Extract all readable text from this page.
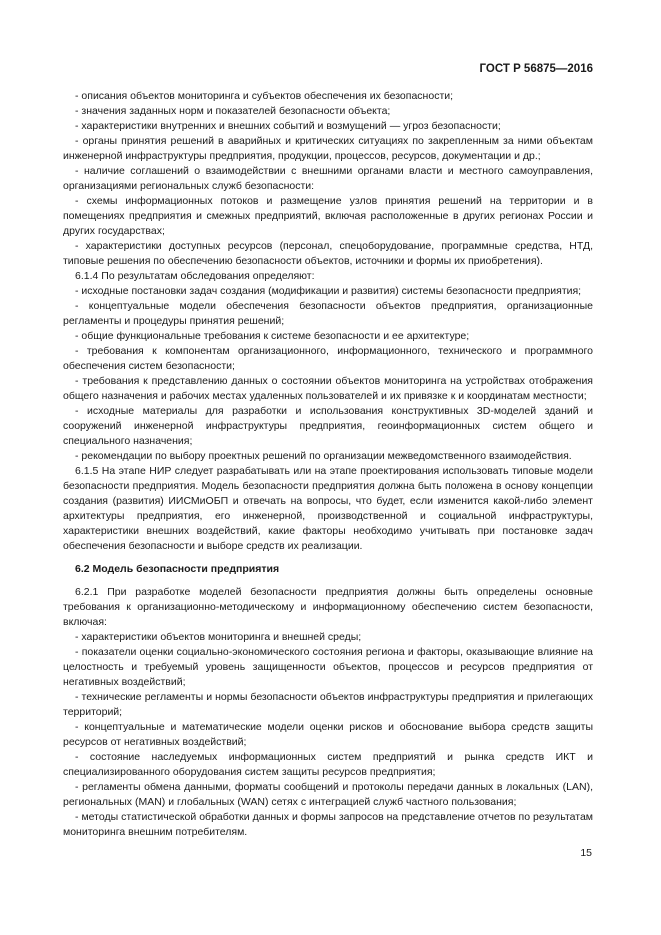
ГОСТ Р 56875—2016

- описания объектов мониторинга и субъектов обеспечения их безопасности;

- значения заданных норм и показателей безопасности объекта;

- характеристики внутренних и внешних событий и возмущений — угроз безопасности;

- органы принятия решений в аварийных и критических ситуациях по закрепленным за ними объектам инженерной инфраструктуры предприятия, продукции, процессов, ресурсов, документации и др.;

- наличие соглашений о взаимодействии с внешними органами власти и местного самоуправления, организациями региональных служб безопасности:

- схемы информационных потоков и размещение узлов принятия решений на территории и в помещениях предприятия и смежных предприятий, включая расположенные в других регионах России и других государствах;

- характеристики доступных ресурсов (персонал, спецоборудование, программные средства, НТД, типовые решения по обеспечению безопасности объектов, источники и формы их приобретения).

6.1.4 По результатам обследования определяют:

- исходные постановки задач создания (модификации и развития) системы безопасности предприятия;

- концептуальные модели обеспечения безопасности объектов предприятия, организационные регламенты и процедуры принятия решений;

- общие функциональные требования к системе безопасности и ее архитектуре;

- требования к компонентам организационного, информационного, технического и программного обеспечения систем безопасности;

- требования к представлению данных о состоянии объектов мониторинга на устройствах отображения общего назначения и рабочих местах удаленных пользователей и их привязке к и координатам местности;

- исходные материалы для разработки и использования конструктивных 3D-моделей зданий и сооружений инженерной инфраструктуры предприятия, геоинформационных систем общего и специального назначения;

- рекомендации по выбору проектных решений по организации межведомственного взаимодействия.

6.1.5 На этапе НИР следует разрабатывать или на этапе проектирования использовать типовые модели безопасности предприятия. Модель безопасности предприятия должна быть положена в основу концепции создания (развития) ИИСМиОБП и отвечать на вопросы, что будет, если изменится какой-либо элемент архитектуры предприятия, его инженерной, производственной и социальной инфраструктуры, характеристики внешних воздействий, какие факторы необходимо учитывать при постановке задач обеспечения безопасности и выборе средств их реализации.

6.2 Модель безопасности предприятия

6.2.1 При разработке моделей безопасности предприятия должны быть определены основные требования к организационно-методическому и информационному обеспечению систем безопасности, включая:

- характеристики объектов мониторинга и внешней среды;

- показатели оценки социально-экономического состояния региона и факторы, оказывающие влияние на целостность и требуемый уровень защищенности объектов, процессов и ресурсов предприятия от негативных воздействий;

- технические регламенты и нормы безопасности объектов инфраструктуры предприятия и прилегающих территорий;

- концептуальные и математические модели оценки рисков и обоснование выбора средств защиты ресурсов от негативных воздействий;

- состояние наследуемых информационных систем предприятий и рынка средств ИКТ и специализированного оборудования систем защиты ресурсов предприятия;

- регламенты обмена данными, форматы сообщений и протоколы передачи данных в локальных (LAN), региональных (MAN) и глобальных (WAN) сетях с интеграцией служб частного пользования;

- методы статистической обработки данных и формы запросов на представление отчетов по результатам мониторинга внешним потребителям.

15
